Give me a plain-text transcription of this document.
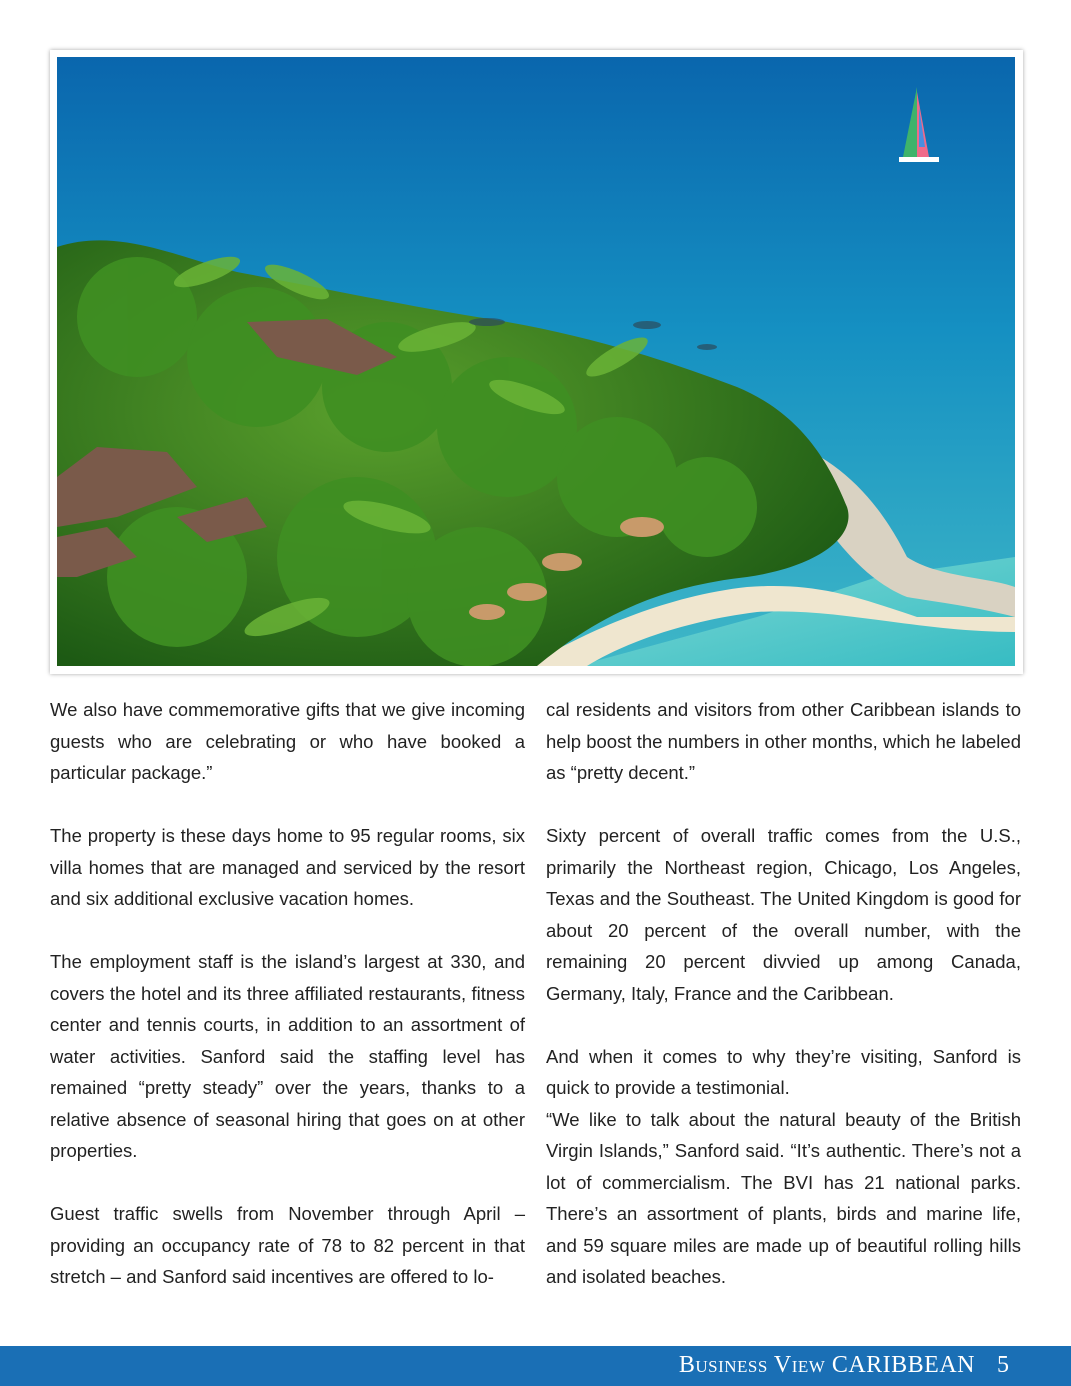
We also have commemorative gifts that we give incoming guests who are celebrating or who have booked a particular package.”

The property is these days home to 95 regular rooms, six villa homes that are managed and serviced by the resort and six additional exclusive vacation homes.

The employment staff is the island’s largest at 330, and covers the hotel and its three affiliated restaurants, fitness center and tennis courts, in addition to an assortment of water activities. Sanford said the staffing level has remained “pretty steady” over the years, thanks to a relative absence of seasonal hiring that goes on at other properties.

Guest traffic swells from November through April – providing an occupancy rate of 78 to 82 percent in that stretch – and Sanford said incentives are offered to lo-

cal residents and visitors from other Caribbean islands to help boost the numbers in other months, which he labeled as “pretty decent.”

Sixty percent of overall traffic comes from the U.S., primarily the Northeast region, Chicago, Los Angeles, Texas and the Southeast. The United Kingdom is good for about 20 percent of the overall number, with the remaining 20 percent divvied up among Canada, Germany, Italy, France and the Caribbean.

And when it comes to why they’re visiting, Sanford is quick to provide a testimonial.

“We like to talk about the natural beauty of the British Virgin Islands,” Sanford said. “It’s authentic. There’s not a lot of commercialism. The BVI has 21 national parks. There’s an assortment of plants, birds and marine life, and 59 square miles are made up of beautiful rolling hills and isolated beaches.

Business View CARIBBEAN 5
